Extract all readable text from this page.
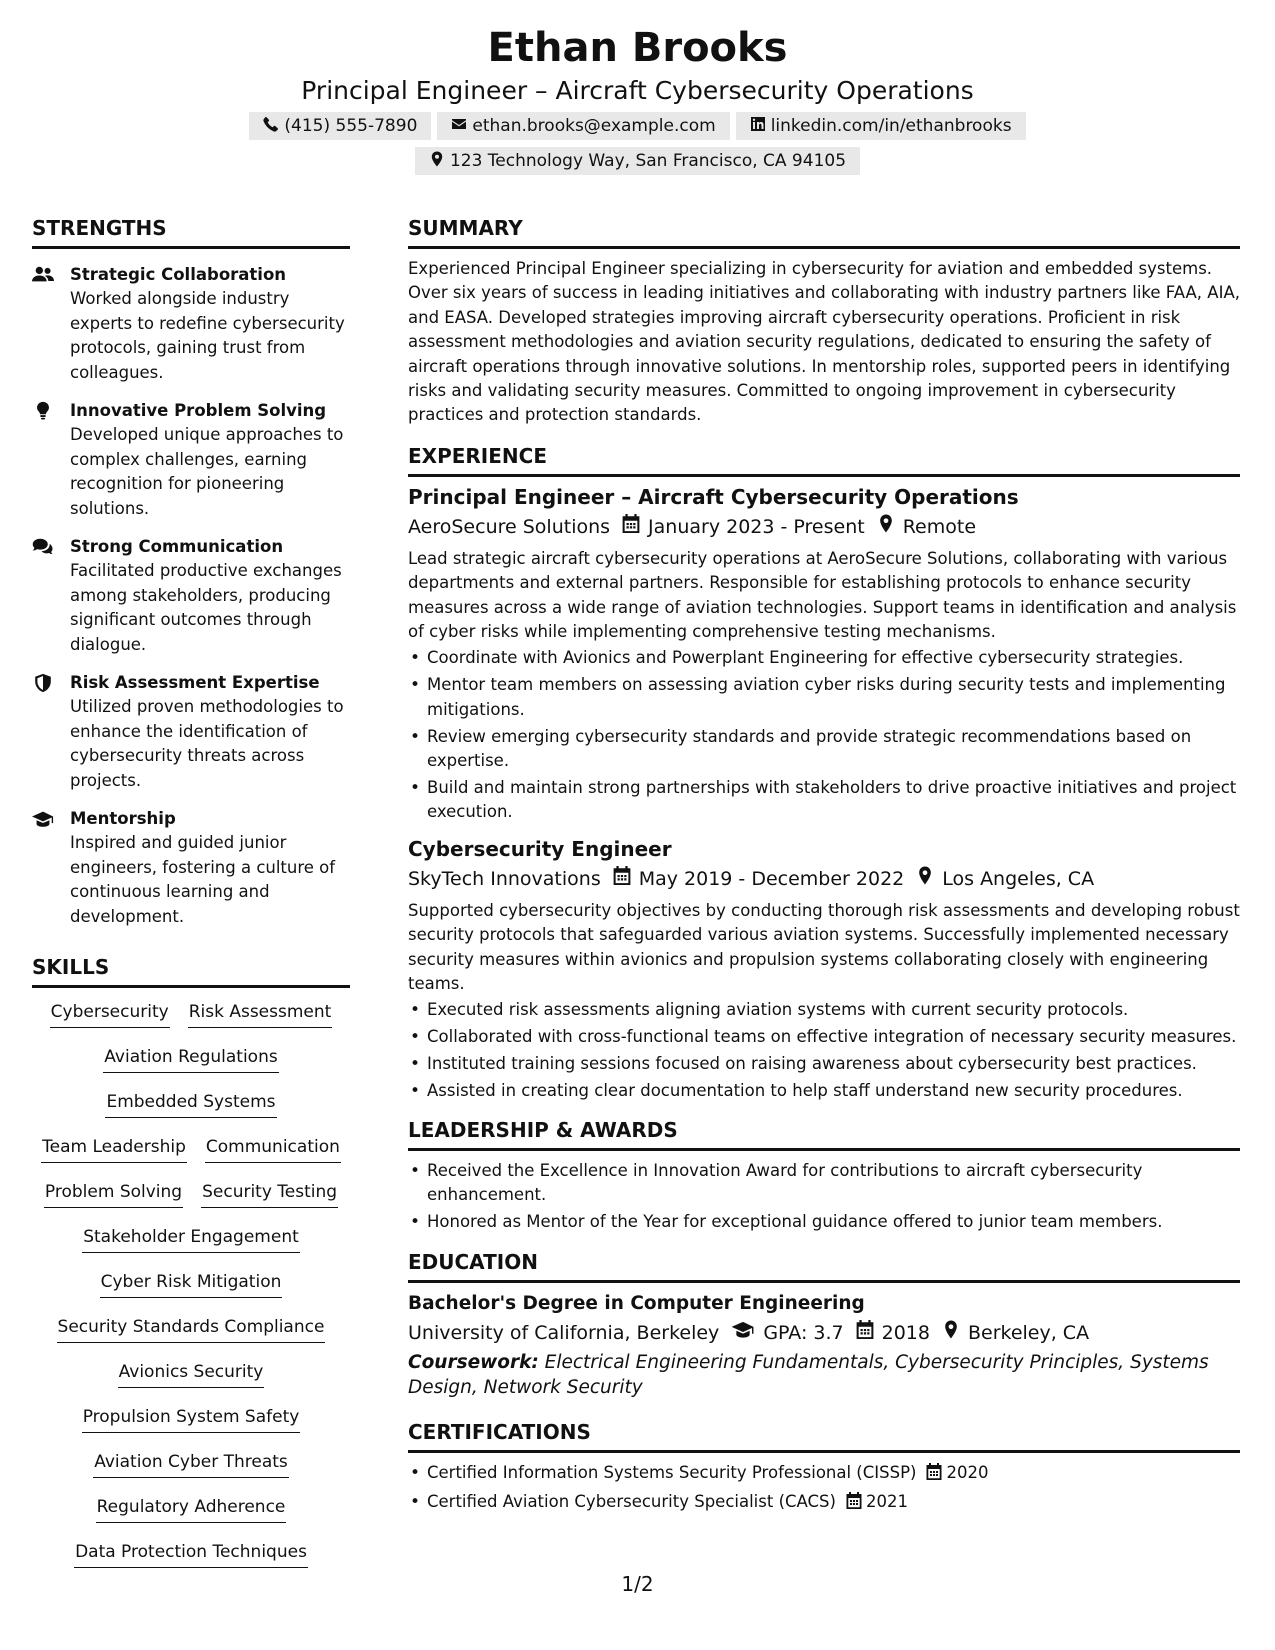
Ethan Brooks
Principal Engineer – Aircraft Cybersecurity Operations
(415) 555-7890	ethan.brooks@example.com	linkedin.com/in/ethanbrooks
123 Technology Way, San Francisco, CA 94105
STRENGTHS
Strategic Collaboration
Worked alongside industry experts to redefine cybersecurity protocols, gaining trust from colleagues.
Innovative Problem Solving
Developed unique approaches to complex challenges, earning recognition for pioneering solutions.
Strong Communication
Facilitated productive exchanges among stakeholders, producing significant outcomes through dialogue.
Risk Assessment Expertise
Utilized proven methodologies to enhance the identification of cybersecurity threats across projects.
Mentorship
Inspired and guided junior engineers, fostering a culture of continuous learning and development.
SKILLS
Cybersecurity Risk Assessment
Aviation Regulations
Embedded Systems
Team Leadership Communication
Problem Solving Security Testing
Stakeholder Engagement
Cyber Risk Mitigation
Security Standards Compliance
Avionics Security
Propulsion System Safety
Aviation Cyber Threats
Regulatory Adherence
Data Protection Techniques
SUMMARY
Experienced Principal Engineer specializing in cybersecurity for aviation and embedded systems. Over six years of success in leading initiatives and collaborating with industry partners like FAA, AIA, and EASA. Developed strategies improving aircraft cybersecurity operations. Proficient in risk assessment methodologies and aviation security regulations, dedicated to ensuring the safety of aircraft operations through innovative solutions. In mentorship roles, supported peers in identifying risks and validating security measures. Committed to ongoing improvement in cybersecurity practices and protection standards.
EXPERIENCE
Principal Engineer – Aircraft Cybersecurity Operations
AeroSecure Solutions January 2023 - Present Remote
Lead strategic aircraft cybersecurity operations at AeroSecure Solutions, collaborating with various departments and external partners. Responsible for establishing protocols to enhance security measures across a wide range of aviation technologies. Support teams in identification and analysis of cyber risks while implementing comprehensive testing mechanisms.
• Coordinate with Avionics and Powerplant Engineering for effective cybersecurity strategies.
• Mentor team members on assessing aviation cyber risks during security tests and implementing mitigations.
• Review emerging cybersecurity standards and provide strategic recommendations based on expertise.
• Build and maintain strong partnerships with stakeholders to drive proactive initiatives and project execution.
Cybersecurity Engineer
SkyTech Innovations May 2019 - December 2022 Los Angeles, CA
Supported cybersecurity objectives by conducting thorough risk assessments and developing robust security protocols that safeguarded various aviation systems. Successfully implemented necessary security measures within avionics and propulsion systems collaborating closely with engineering teams.
• Executed risk assessments aligning aviation systems with current security protocols.
• Collaborated with cross-functional teams on effective integration of necessary security measures.
• Instituted training sessions focused on raising awareness about cybersecurity best practices.
• Assisted in creating clear documentation to help staff understand new security procedures.
LEADERSHIP & AWARDS
• Received the Excellence in Innovation Award for contributions to aircraft cybersecurity enhancement.
• Honored as Mentor of the Year for exceptional guidance offered to junior team members.
EDUCATION
Bachelor's Degree in Computer Engineering
University of California, Berkeley GPA: 3.7 2018 Berkeley, CA
Coursework: Electrical Engineering Fundamentals, Cybersecurity Principles, Systems Design, Network Security
CERTIFICATIONS
• Certified Information Systems Security Professional (CISSP) 2020
• Certified Aviation Cybersecurity Specialist (CACS) 2021
1/2
